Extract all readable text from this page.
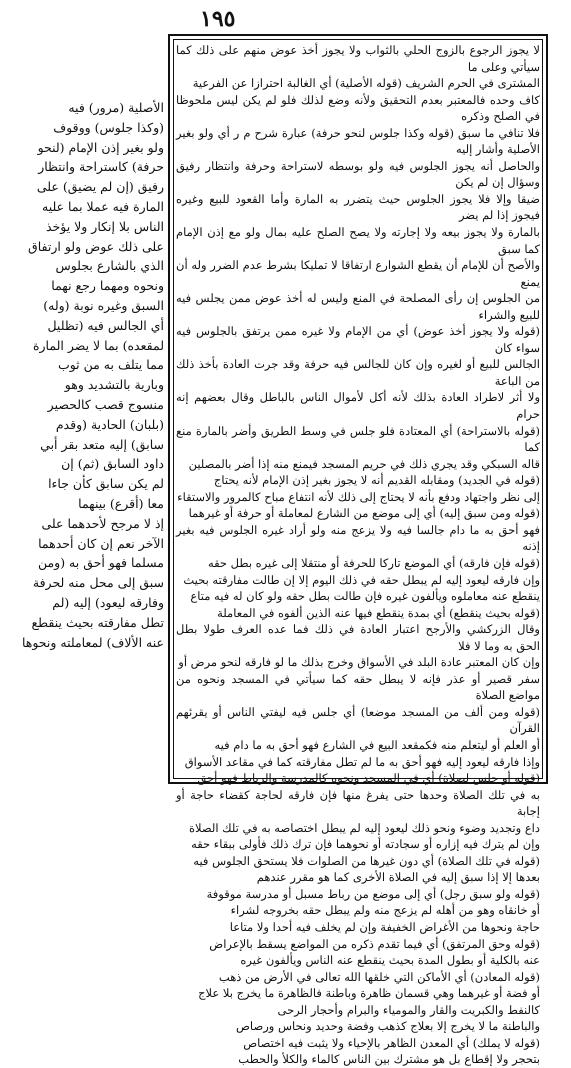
١٩٥

لا يجوز الرجوع بالزوج الحلي بالثواب ولا يجوز أخذ عوض منهم على ذلك كما سيأتي وعلى ما

المشترى في الحرم الشريف (قوله الأصلية) أي الغالبة احترازا عن الفرعية

كاف وحده فالمعتبر بعدم التحقيق ولأنه وضع لذلك فلو لم يكن ليس ملحوظا في الصلح وذكره

فلا تنافي ما سبق (قوله وكذا جلوس لنحو حرفة) عبارة شرح م ر أي ولو بغير الأصلية وأشار إليه

والحاصل أنه يجوز الجلوس فيه ولو بوسطه لاستراحة وحرفة وانتظار رفيق وسؤال إن لم يكن

ضيقا وإلا فلا يجوز الجلوس حيث يتضرر به المارة وأما القعود للبيع وغيره فيجوز إذا لم يضر

بالمارة ولا يجوز بيعه ولا إجارته ولا يصح الصلح عليه بمال ولو مع إذن الإمام كما سبق

والأصح أن للإمام أن يقطع الشوارع ارتفاقا لا تمليكا بشرط عدم الضرر وله أن يمنع

من الجلوس إن رأى المصلحة في المنع وليس له أخذ عوض ممن يجلس فيه للبيع والشراء

(قوله ولا يجوز أخذ عوض) أي من الإمام ولا غيره ممن يرتفق بالجلوس فيه سواء كان

الجالس للبيع أو لغيره وإن كان للجالس فيه حرفة وقد جرت العادة بأخذ ذلك من الباعة

ولا أثر لاطراد العادة بذلك لأنه أكل لأموال الناس بالباطل وقال بعضهم إنه حرام

(قوله بالاستراحة) أي المعتادة فلو جلس في وسط الطريق وأضر بالمارة منع كما

قاله السبكي وقد يجري ذلك في حريم المسجد فيمنع منه إذا أضر بالمصلين

(قوله في الجديد) ومقابله القديم أنه لا يجوز بغير إذن الإمام لأنه يحتاج

إلى نظر واجتهاد ودفع بأنه لا يحتاج إلى ذلك لأنه انتفاع مباح كالمرور والاستقاء

(قوله ومن سبق إليه) أي إلى موضع من الشارع لمعاملة أو حرفة أو غيرهما

فهو أحق به ما دام جالسا فيه ولا يزعج منه ولو أراد غيره الجلوس فيه بغير إذنه

(قوله فإن فارقه) أي الموضع تاركا للحرفة أو منتقلا إلى غيره بطل حقه

وإن فارقه ليعود إليه لم يبطل حقه في ذلك اليوم إلا إن طالت مفارقته بحيث

ينقطع عنه معاملوه ويألفون غيره فإن طالت بطل حقه ولو كان له فيه متاع

(قوله بحيث ينقطع) أي بمدة ينقطع فيها عنه الذين ألفوه في المعاملة

وقال الزركشي والأرجح اعتبار العادة في ذلك فما عده العرف طولا بطل الحق به وما لا فلا

وإن كان المعتبر عادة البلد في الأسواق وخرج بذلك ما لو فارقه لنحو مرض أو

سفر قصير أو عذر فإنه لا يبطل حقه كما سيأتي في المسجد ونحوه من مواضع الصلاة

(قوله ومن ألف من المسجد موضعا) أي جلس فيه ليفتي الناس أو يقرئهم القرآن

أو العلم أو ليتعلم منه فكمقعد البيع في الشارع فهو أحق به ما دام فيه

وإذا فارقه ليعود إليه فهو أحق به ما لم تطل مفارقته كما في مقاعد الأسواق

(قوله أو جلس لصلاة) أي في المسجد ونحوه كالمدرسة والرباط فهو أحق

به في تلك الصلاة وحدها حتى يفرغ منها فإن فارقه لحاجة كقضاء حاجة أو إجابة

داع وتجديد وضوء ونحو ذلك ليعود إليه لم يبطل اختصاصه به في تلك الصلاة

وإن لم يترك فيه إزاره أو سجادته أو نحوهما فإن ترك ذلك فأولى ببقاء حقه

(قوله في تلك الصلاة) أي دون غيرها من الصلوات فلا يستحق الجلوس فيه

بعدها إلا إذا سبق إليه في الصلاة الأخرى كما هو مقرر عندهم

(قوله ولو سبق رجل) أي إلى موضع من رباط مسبل أو مدرسة موقوفة

أو خانقاه وهو من أهله لم يزعج منه ولم يبطل حقه بخروجه لشراء

حاجة ونحوها من الأغراض الخفيفة وإن لم يخلف فيه أحدا ولا متاعا

(قوله وحق المرتفق) أي فيما تقدم ذكره من المواضع يسقط بالإعراض

عنه بالكلية أو بطول المدة بحيث ينقطع عنه الناس ويألفون غيره

(قوله المعادن) أي الأماكن التي خلقها الله تعالى في الأرض من ذهب

أو فضة أو غيرهما وهي قسمان ظاهرة وباطنة فالظاهرة ما يخرج بلا علاج

كالنفط والكبريت والقار والمومياء والبرام وأحجار الرحى

والباطنة ما لا يخرج إلا بعلاج كذهب وفضة وحديد ونحاس ورصاص

(قوله لا يملك) أي المعدن الظاهر بالإحياء ولا يثبت فيه اختصاص

بتحجر ولا إقطاع بل هو مشترك بين الناس كالماء والكلأ والحطب

الأصلية (مرور) فيه

(وكذا جلوس) ووقوف

ولو بغير إذن الإمام (لنحو

حرفة) كاستراحة وانتظار

رفيق (إن لم يضيق) على

المارة فيه عملا بما عليه

الناس بلا إنكار ولا يؤخذ

على ذلك عوض ولو ارتفاق

الذي بالشارع بجلوس

ونحوه ومهما رجع نهما

السبق وغيره نوبة (وله)

أي الجالس فيه (تظليل

لمقعده) بما لا يضر المارة

مما يتلف به من ثوب

وبارية بالتشديد وهو

منسوج قصب كالحصير

(بلبان) الحادية (وقدم

سابق) إليه متعد بقر أبي

داود السابق (ثم) إن

لم يكن سابق كأن جاءا

معا (أقرع) بينهما

إذ لا مرجح لأحدهما على

الآخر نعم إن كان أحدهما

مسلما فهو أحق به (ومن

سبق إلى محل منه لحرفة

وفارقه ليعود) إليه (لم

تطل مفارقته بحيث ينقطع

عنه الألاف) لمعاملته ونحوها
